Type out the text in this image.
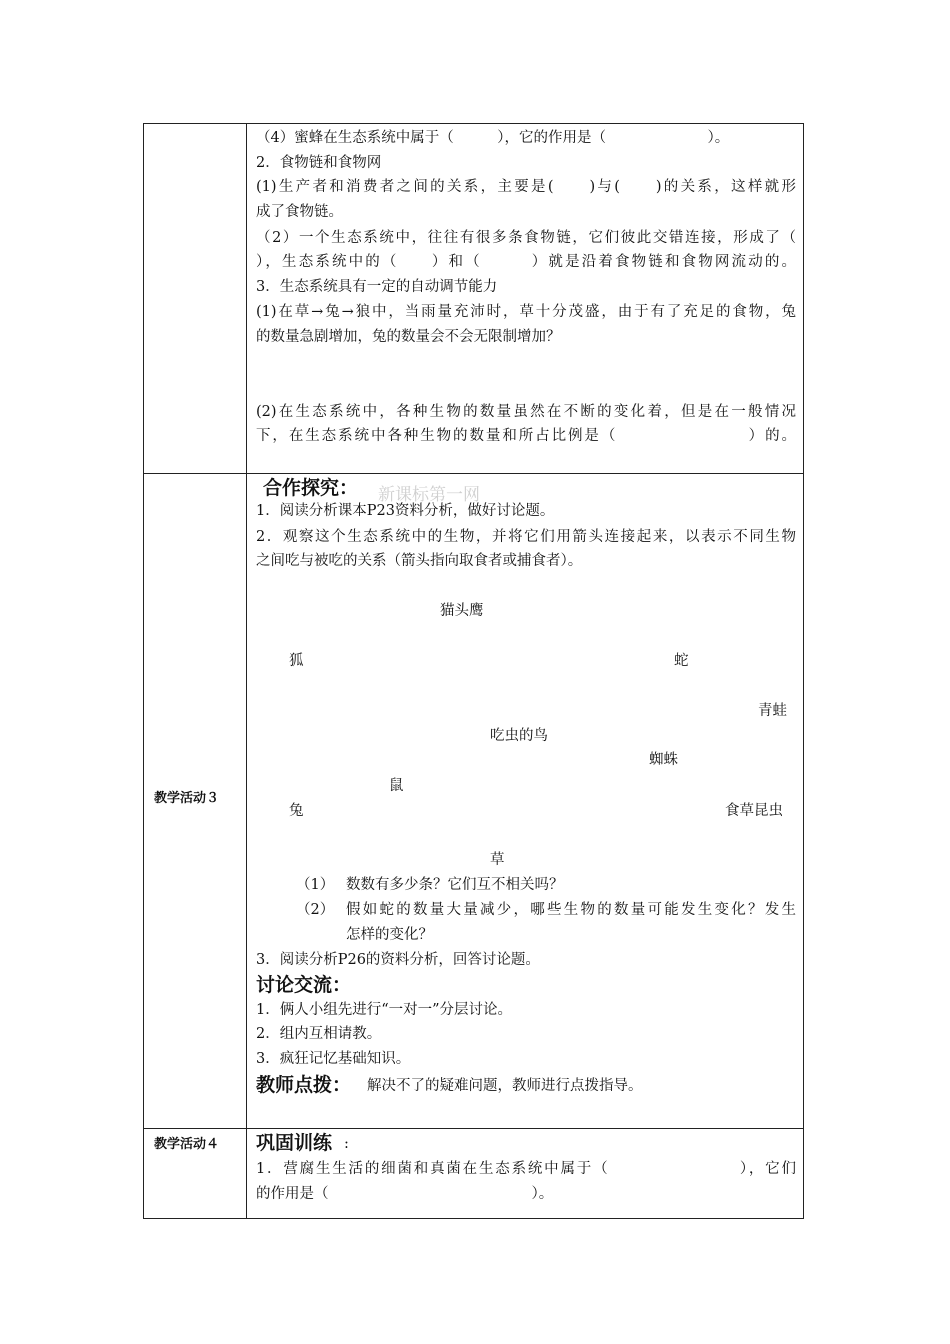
（4）蜜蜂在生态系统中属于（　　　），它的作用是（　　　　　　　）。
2．食物链和食物网
(1)生产者和消费者之间的关系，主要是(　　)与(　　)的关系，这样就形
成了食物链。
（2）一个生态系统中，往往有很多条食物链，它们彼此交错连接，形成了（
），生态系统中的（　　）和（　　　）就是沿着食物链和食物网流动的。
3．生态系统具有一定的自动调节能力
(1)在草→兔→狼中，当雨量充沛时，草十分茂盛，由于有了充足的食物，兔
的数量急剧增加，兔的数量会不会无限制增加？
(2)在生态系统中，各种生物的数量虽然在不断的变化着，但是在一般情况
下，在生态系统中各种生物的数量和所占比例是（　　　　　　　　）的。
教学活动３
新课标第一网
合作探究：
1．阅读分析课本P23资料分析，做好讨论题。
2．观察这个生态系统中的生物，并将它们用箭头连接起来，以表示不同生物
之间吃与被吃的关系（箭头指向取食者或捕食者）。
猫头鹰
狐	蛇
青蛙
吃虫的鸟
蜘蛛
鼠
兔	食草昆虫
草
（1） 数数有多少条？它们互不相关吗？
（2） 假如蛇的数量大量减少，哪些生物的数量可能发生变化？发生
怎样的变化？
3．阅读分析P26的资料分析，回答讨论题。
讨论交流：
1．俩人小组先进行“一对一”分层讨论。
2．组内互相请教。
3．疯狂记忆基础知识。
教师点拨： 解决不了的疑难问题，教师进行点拨指导。
教学活动４ 巩固训练 :
1．营腐生生活的细菌和真菌在生态系统中属于（　　　　　　　　），它们
的作用是（　　　　　　　　　　　　　　）。
